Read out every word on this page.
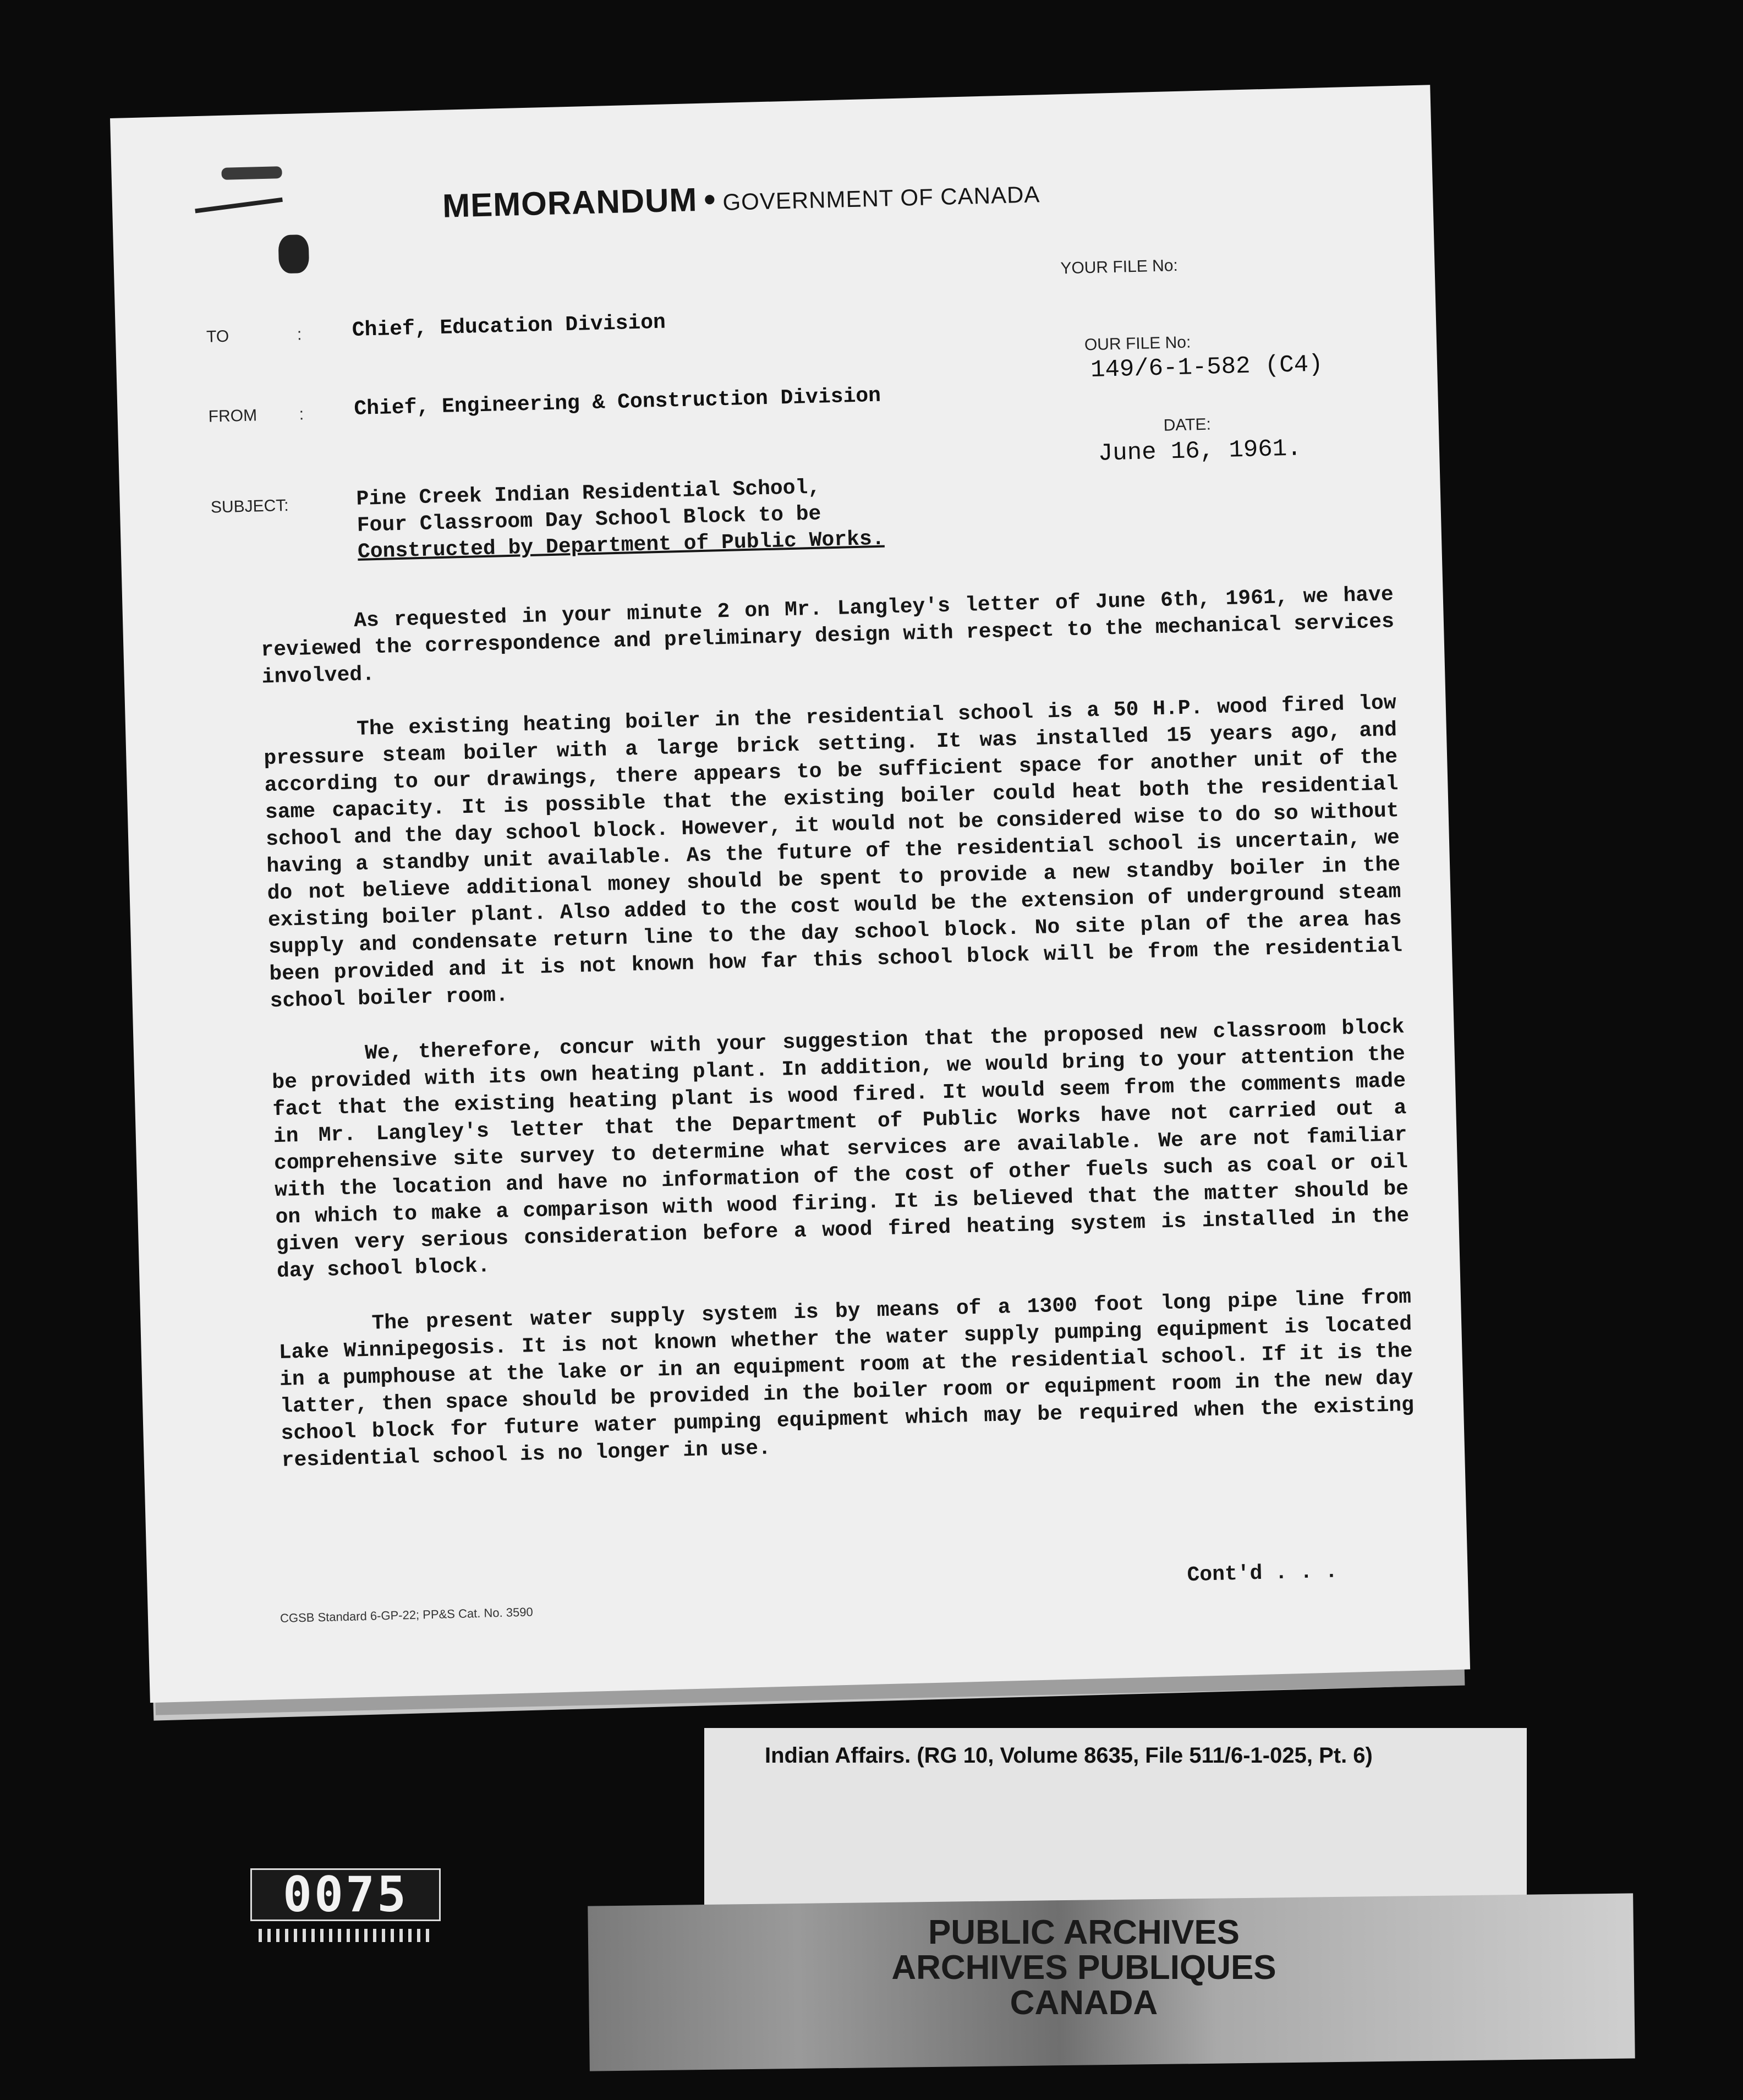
MEMORANDUM • GOVERNMENT OF CANADA
YOUR FILE No:
OUR FILE No:
149/6-1-582 (C4)
DATE:
June 16, 1961.
TO	: Chief, Education Division
FROM	: Chief, Engineering & Construction Division
SUBJECT:	Pine Creek Indian Residential School,
Four Classroom Day School Block to be
Constructed by Department of Public Works.

As requested in your minute 2 on Mr. Langley's letter of June 6th, 1961, we have reviewed the correspondence and preliminary design with respect to the mechanical services involved.

The existing heating boiler in the residential school is a 50 H.P. wood fired low pressure steam boiler with a large brick setting. It was installed 15 years ago, and according to our drawings, there appears to be sufficient space for another unit of the same capacity. It is possible that the existing boiler could heat both the residential school and the day school block. However, it would not be considered wise to do so without having a standby unit available. As the future of the residential school is uncertain, we do not believe additional money should be spent to provide a new standby boiler in the existing boiler plant. Also added to the cost would be the extension of underground steam supply and condensate return line to the day school block. No site plan of the area has been provided and it is not known how far this school block will be from the residential school boiler room.

We, therefore, concur with your suggestion that the proposed new classroom block be provided with its own heating plant. In addition, we would bring to your attention the fact that the existing heating plant is wood fired. It would seem from the comments made in Mr. Langley's letter that the Department of Public Works have not carried out a comprehensive site survey to determine what services are available. We are not familiar with the location and have no information of the cost of other fuels such as coal or oil on which to make a comparison with wood firing. It is believed that the matter should be given very serious consideration before a wood fired heating system is installed in the day school block.

The present water supply system is by means of a 1300 foot long pipe line from Lake Winnipegosis. It is not known whether the water supply pumping equipment is located in a pumphouse at the lake or in an equipment room at the residential school. If it is the latter, then space should be provided in the boiler room or equipment room in the new day school block for future water pumping equipment which may be required when the existing residential school is no longer in use.

Cont'd . . .
CGSB Standard 6-GP-22; PP&S Cat. No. 3590
Indian Affairs. (RG 10, Volume 8635, File 511/6-1-025, Pt. 6)
PUBLIC ARCHIVES
ARCHIVES PUBLIQUES
CANADA
0075
